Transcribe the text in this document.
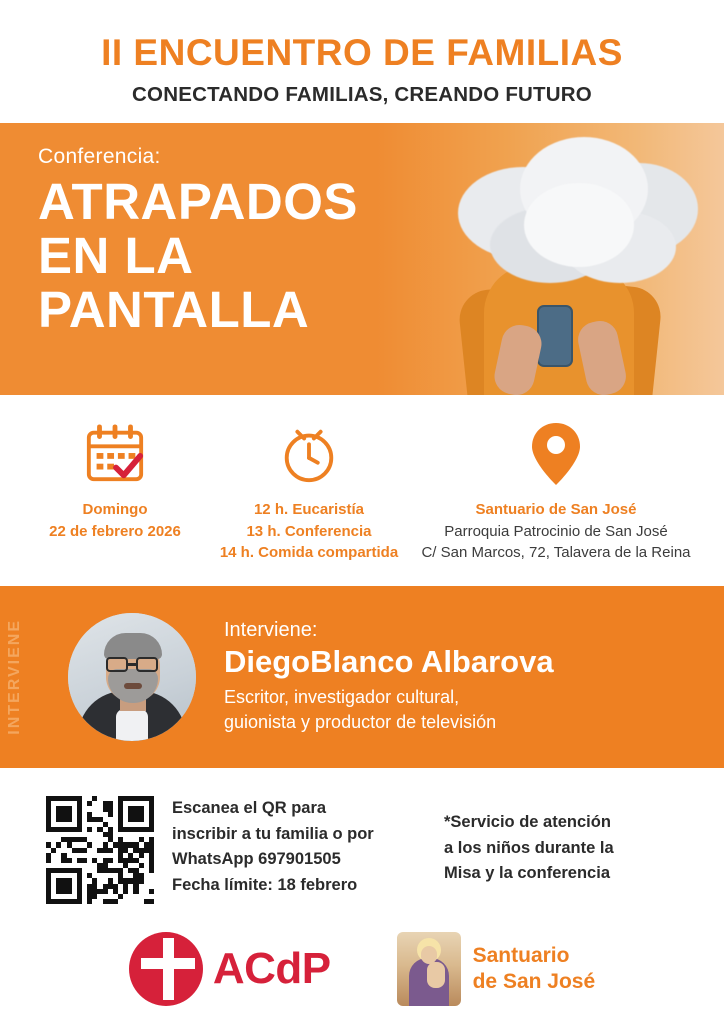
II ENCUENTRO DE FAMILIAS
CONECTANDO FAMILIAS, CREANDO FUTURO
Conferencia:
ATRAPADOS
EN LA
PANTALLA
Domingo
22 de febrero 2026
12 h. Eucaristía
13 h. Conferencia
14 h. Comida compartida
Santuario de San José
Parroquia Patrocinio de San José
C/ San Marcos, 72, Talavera de la Reina
INTERVIENE	Interviene:
DiegoBlanco Albarova
Escritor, investigador cultural,
guionista y productor de televisión
Escanea el QR para
inscribir a tu familia o por
WhatsApp 697901505
Fecha límite: 18 febrero
*Servicio de atención
a los niños durante la
Misa y la conferencia
ACdP	Santuario
de San José
